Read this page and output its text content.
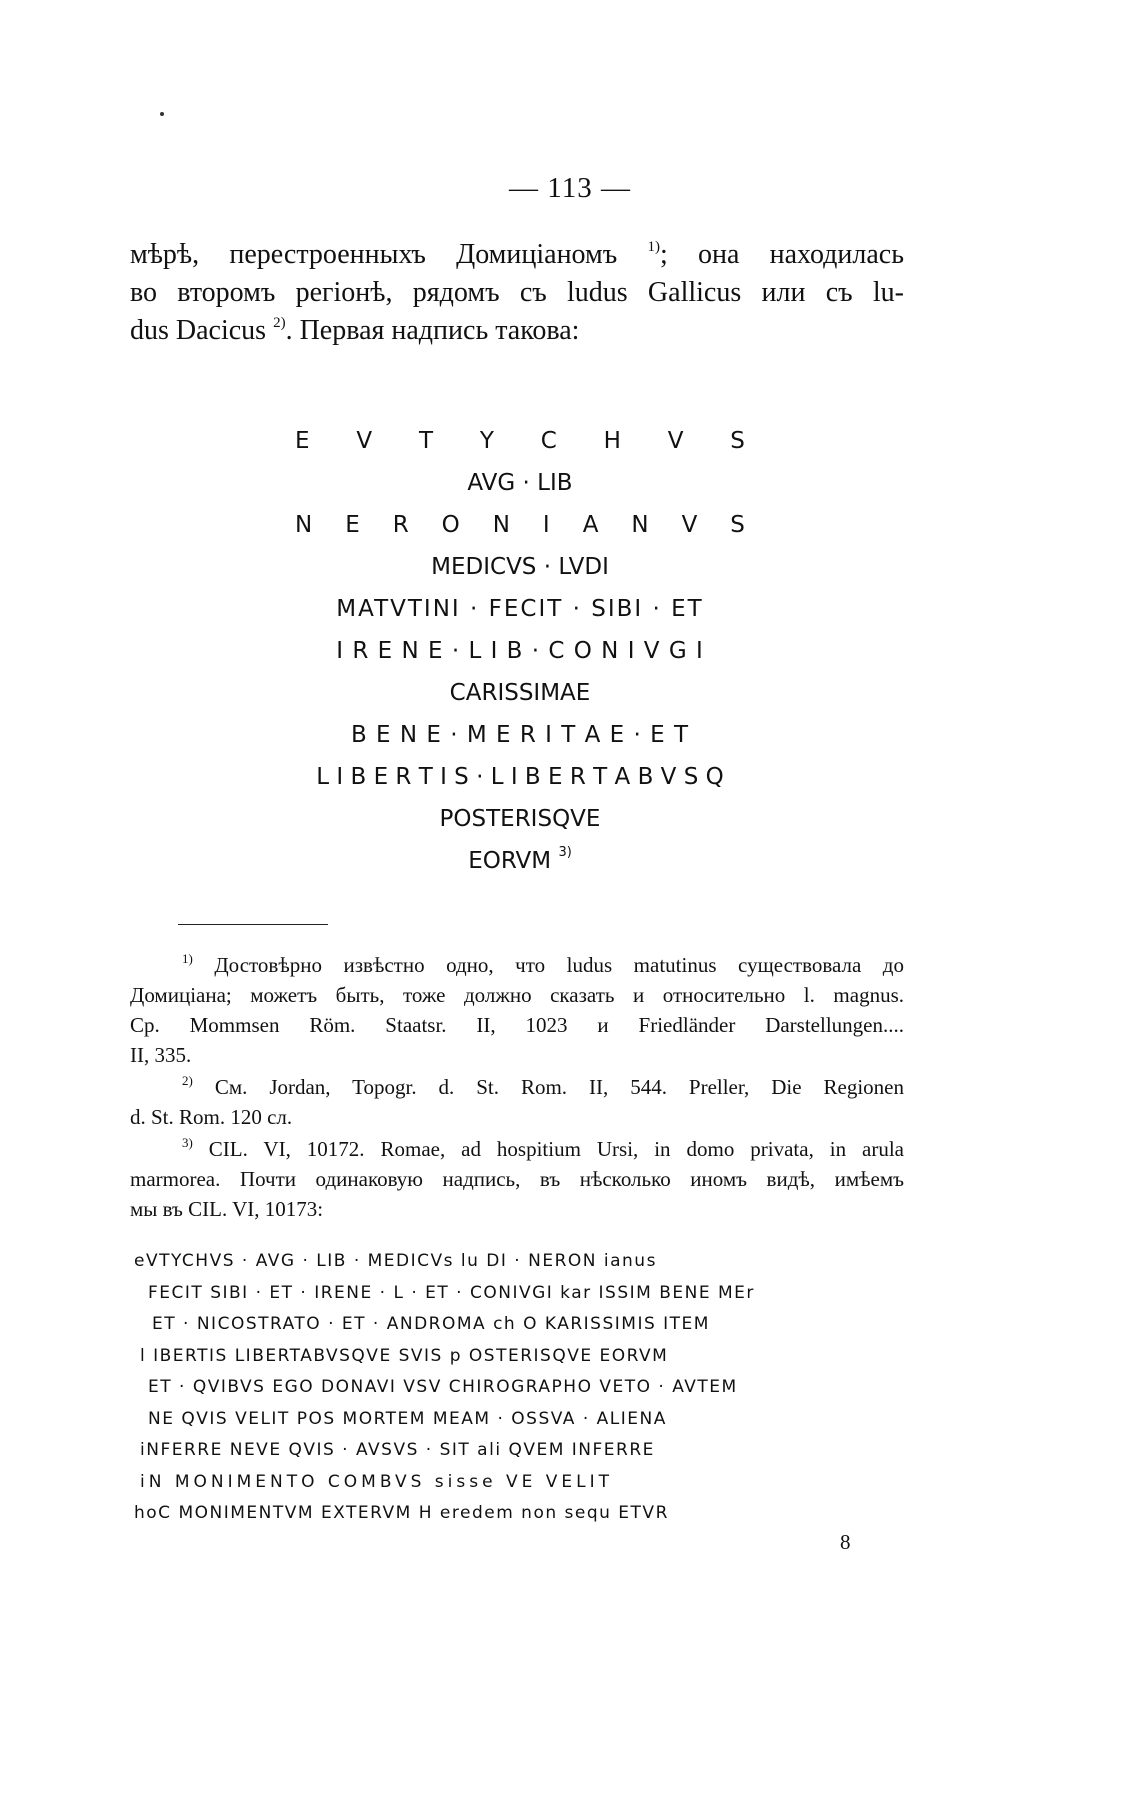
— 113 —
мѣрѣ, перестроенныхъ Домиціаномъ $^{1)}$; она находилась
во второмъ регіонѣ, рядомъ съ ludus Gallicus или съ lu-
dus Dacicus $^{2)}$. Первая надпись такова:
E V T Y C H V S
AVG · LIB
N E R O N I A N V S
MEDICVS · LVDI
MATVTINI · FECIT · SIBI · ET
I R E N E · L I B · C O N I V G I
CARISSIMAE
B E N E · M E R I T A E · E T
L I B E R T I S · L I B E R T A B V S Q
POSTERISQVE
EORVM $^{3)}$
$^{1)}$ Достовѣрно извѣстно одно, что ludus matutinus существовала до
Домиціана; можетъ быть, тоже должно сказать и относительно l. magnus.
Ср. Mommsen Röm. Staatsr. II, 1023 и Friedländer Darstellungen....
II, 335.
$^{2)}$ См. Jordan, Topogr. d. St. Rom. II, 544. Preller, Die Regionen
d. St. Rom. 120 сл.
$^{3)}$ CIL. VI, 10172. Romae, ad hospitium Ursi, in domo privata, in arula
marmorea. Почти одинаковую надпись, въ нѣсколько иномъ видѣ, имѣемъ
мы въ CIL. VI, 10173:
eVTYCHVS · AVG · LIB · MEDICVs lu DI · NERON ianus
FECIT SIBI · ET · IRENE · L · ET · CONIVGI kar ISSIM BENE MEr
ET · NICOSTRATO · ET · ANDROMA ch O KARISSIMIS ITEM
l IBERTIS LIBERTABVSQVE SVIS p OSTERISQVE EORVM
ET · QVIBVS EGO DONAVI VSV CHIROGRAPHO VETO · AVTEM
NE QVIS VELIT POS MORTEM MEAM · OSSVA · ALIENA
iNFERRE NEVE QVIS · AVSVS · SIT ali QVEM INFERRE
iN MONIMENTO COMBVS sisse VE VELIT
hoC MONIMENTVM EXTERVM H eredem non sequ ETVR
8
